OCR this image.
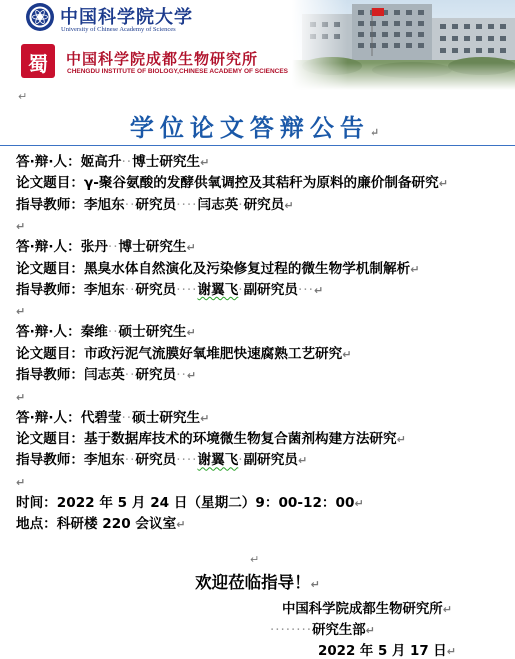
中国科学院大学
University of Chinese Academy of Sciences
蜀	中国科学院成都生物研究所
CHENGDU INSTITUTE OF BIOLOGY,CHINESE ACADEMY OF SCIENCES
↵
学位论文答辩公告↵
答·辩·人：姬高升··博士研究生↵
论文题目：γ-聚谷氨酸的发酵供氧调控及其秸秆为原料的廉价制备研究↵
指导教师：李旭东··研究员····闫志英·研究员↵
↵
答·辩·人：张丹··博士研究生↵
论文题目：黑臭水体自然演化及污染修复过程的微生物学机制解析↵
指导教师：李旭东··研究员····谢翼飞·副研究员···↵
↵
答·辩·人：秦维··硕士研究生↵
论文题目：市政污泥气流膜好氧堆肥快速腐熟工艺研究↵
指导教师：闫志英··研究员··↵
↵
答·辩·人：代碧莹··硕士研究生↵
论文题目：基于数据库技术的环境微生物复合菌剂构建方法研究↵
指导教师：李旭东··研究员····谢翼飞·副研究员↵
↵
时间：2022 年 5 月 24 日（星期二）9：00-12：00↵
地点：科研楼 220 会议室↵
↵
欢迎莅临指导！↵
中国科学院成都生物研究所↵
········研究生部↵
2022 年 5 月 17 日↵
